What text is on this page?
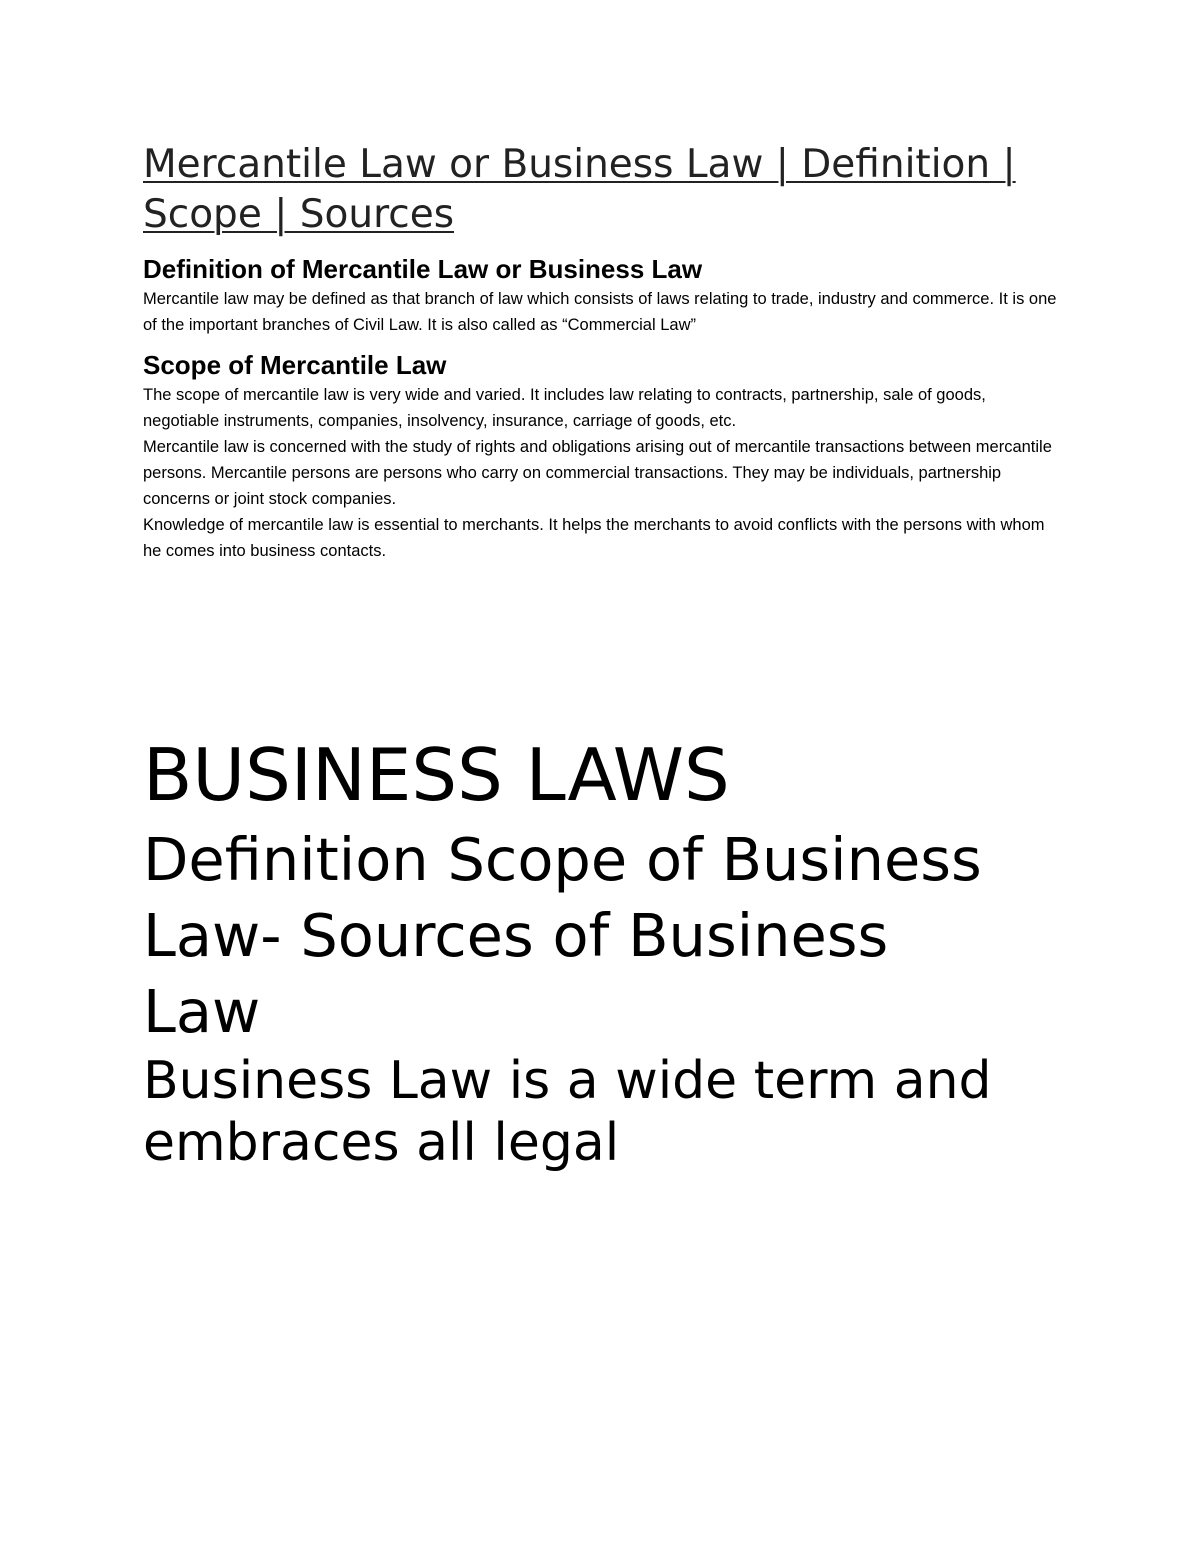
Mercantile Law or Business Law | Definition | Scope | Sources
Definition of Mercantile Law or Business Law

Mercantile law may be defined as that branch of law which consists of laws relating to trade, industry and commerce. It is one of the important branches of Civil Law. It is also called as “Commercial Law”

Scope of Mercantile Law

The scope of mercantile law is very wide and varied. It includes law relating to contracts, partnership, sale of goods, negotiable instruments, companies, insolvency, insurance, carriage of goods, etc.

Mercantile law is concerned with the study of rights and obligations arising out of mercantile transactions between mercantile persons. Mercantile persons are persons who carry on commercial transactions. They may be individuals, partnership concerns or joint stock companies.

Knowledge of mercantile law is essential to merchants. It helps the merchants to avoid conflicts with the persons with whom he comes into business contacts.

BUSINESS LAWS

Definition Scope of Business Law- Sources of Business

Law

Business Law is a wide term and embraces all legal
